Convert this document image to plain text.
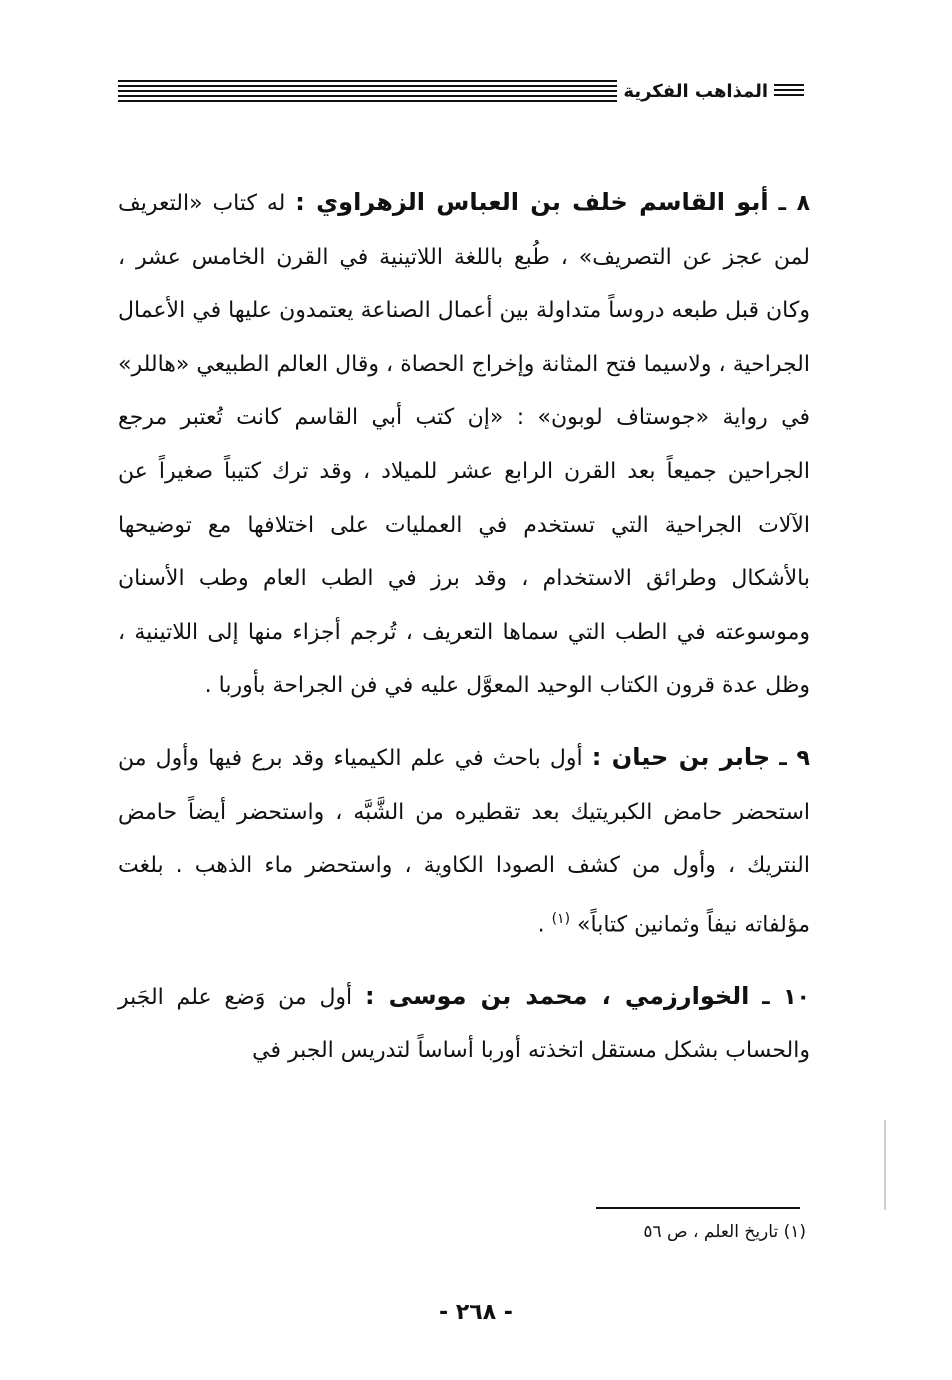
المذاهب الفكرية

٨ ـ أبو القاسم خلف بن العباس الزهراوي : له كتاب «التعريف لمن عجز عن التصريف» ، طُبع باللغة اللاتينية في القرن الخامس عشر ، وكان قبل طبعه دروساً متداولة بين أعمال الصناعة يعتمدون عليها في الأعمال الجراحية ، ولاسيما فتح المثانة وإخراج الحصاة ، وقال العالم الطبيعي «هاللر» في رواية «جوستاف لوبون» : «إن كتب أبي القاسم كانت تُعتبر مرجع الجراحين جميعاً بعد القرن الرابع عشر للميلاد ، وقد ترك كتيباً صغيراً عن الآلات الجراحية التي تستخدم في العمليات على اختلافها مع توضيحها بالأشكال وطرائق الاستخدام ، وقد برز في الطب العام وطب الأسنان وموسوعته في الطب التي سماها التعريف ، تُرجم أجزاء منها إلى اللاتينية ، وظل عدة قرون الكتاب الوحيد المعوَّل عليه في فن الجراحة بأوربا .

٩ ـ جابر بن حيان : أول باحث في علم الكيمياء وقد برع فيها وأول من استحضر حامض الكبريتيك بعد تقطيره من الشَّبَّه ، واستحضر أيضاً حامض النتريك ، وأول من كشف الصودا الكاوية ، واستحضر ماء الذهب . بلغت مؤلفاته نيفاً وثمانين كتاباً» $^{(١)}$ .

١٠ ـ الخوارزمي ، محمد بن موسى : أول من وَضع علم الجَبر والحساب بشكل مستقل اتخذته أوربا أساساً لتدريس الجبر في

(١) تاريخ العلم ، ص ٥٦
- ٢٦٨ -
